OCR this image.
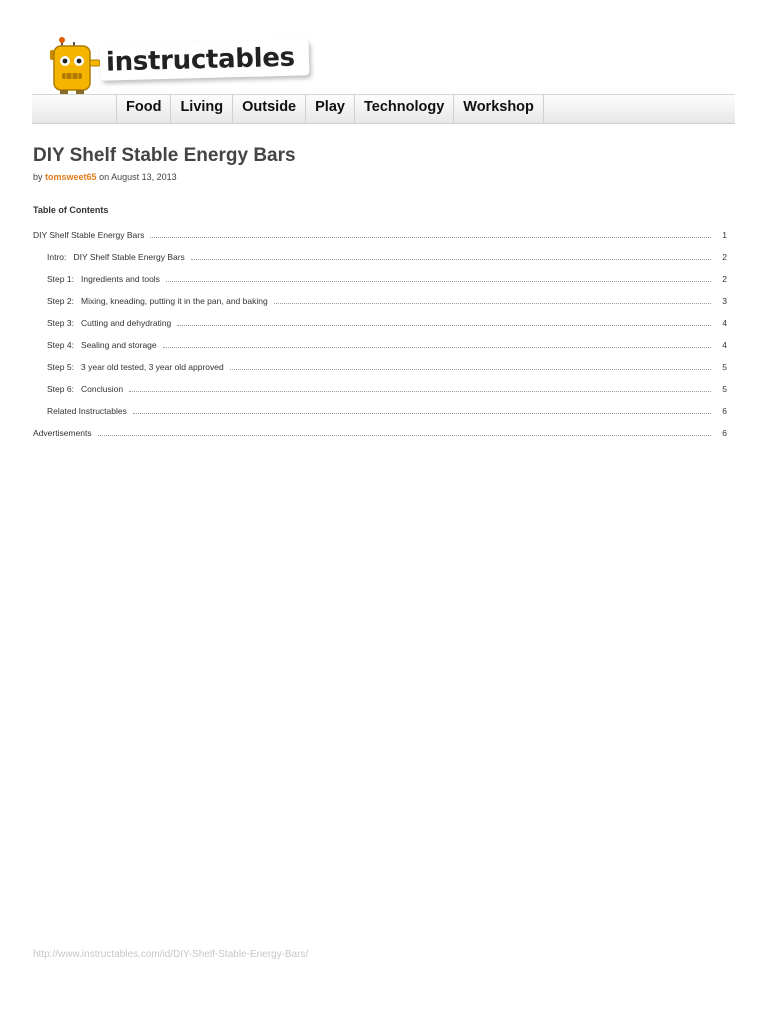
instructables
Food	Living	Outside	Play	Technology	Workshop
DIY Shelf Stable Energy Bars
by tomsweet65 on August 13, 2013
Table of Contents
DIY Shelf Stable Energy Bars	1
Intro:   DIY Shelf Stable Energy Bars	2
Step 1:   Ingredients and tools	2
Step 2:   Mixing, kneading, putting it in the pan, and baking	3
Step 3:   Cutting and dehydrating	4
Step 4:   Sealing and storage	4
Step 5:   3 year old tested, 3 year old approved	5
Step 6:   Conclusion	5
Related Instructables	6
Advertisements	6
http://www.instructables.com/id/DIY-Shelf-Stable-Energy-Bars/
